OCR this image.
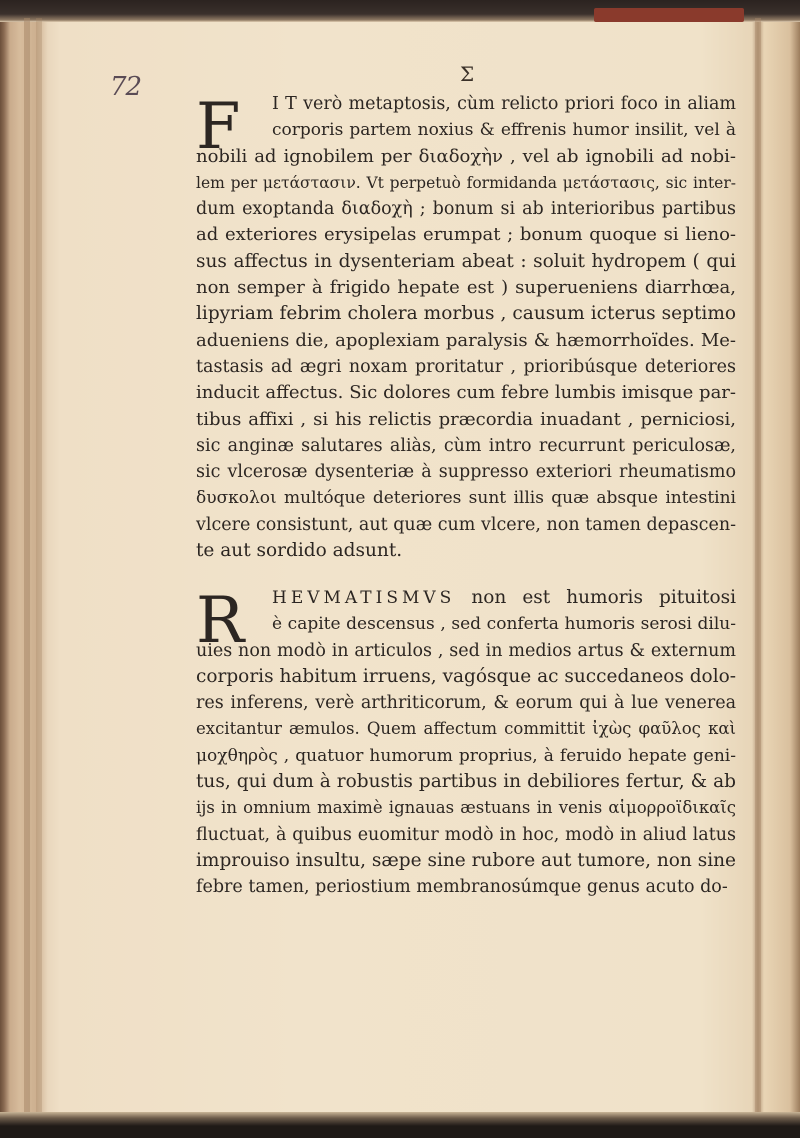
72	Σ
F	I T verò metaptosis, cùm relicto priori foco in aliam
corporis partem noxius & effrenis humor insilit, vel à
nobili ad ignobilem per διαδοχὴν , vel ab ignobili ad nobi-
lem per μετάστασιν. Vt perpetuò formidanda μετάστασις, sic inter-
dum exoptanda διαδοχὴ ; bonum si ab interioribus partibus
ad exteriores erysipelas erumpat ; bonum quoque si lieno-
sus affectus in dysenteriam abeat : soluit hydropem ( qui
non semper à frigido hepate est ) superueniens diarrhœa,
lipyriam febrim cholera morbus , causum icterus septimo
adueniens die, apoplexiam paralysis & hæmorrhoïdes. Me-
tastasis ad ægri noxam proritatur , prioribúsque deteriores
inducit affectus. Sic dolores cum febre lumbis imisque par-
tibus affixi , si his relictis præcordia inuadant , perniciosi,
sic anginæ salutares aliàs, cùm intro recurrunt periculosæ,
sic vlcerosæ dysenteriæ à suppresso exteriori rheumatismo
δυσκολοι multóque deteriores sunt illis quæ absque intestini
vlcere consistunt, aut quæ cum vlcere, non tamen depascen-
te aut sordido adsunt.
R	HEVMATISMVS non est humoris pituitosi
è capite descensus , sed conferta humoris serosi dilu-
uies non modò in articulos , sed in medios artus & externum
corporis habitum irruens, vagósque ac succedaneos dolo-
res inferens, verè arthriticorum, & eorum qui à lue venerea
excitantur æmulos. Quem affectum committit ἰχὼς φαῦλος καὶ
μοχθηρὸς , quatuor humorum proprius, à feruido hepate geni-
tus, qui dum à robustis partibus in debiliores fertur, & ab
ijs in omnium maximè ignauas æstuans in venis αἱμορροϊδικαῖς
fluctuat, à quibus euomitur modò in hoc, modò in aliud latus
improuiso insultu, sæpe sine rubore aut tumore, non sine
febre tamen, periostium membranosúmque genus acuto do-
